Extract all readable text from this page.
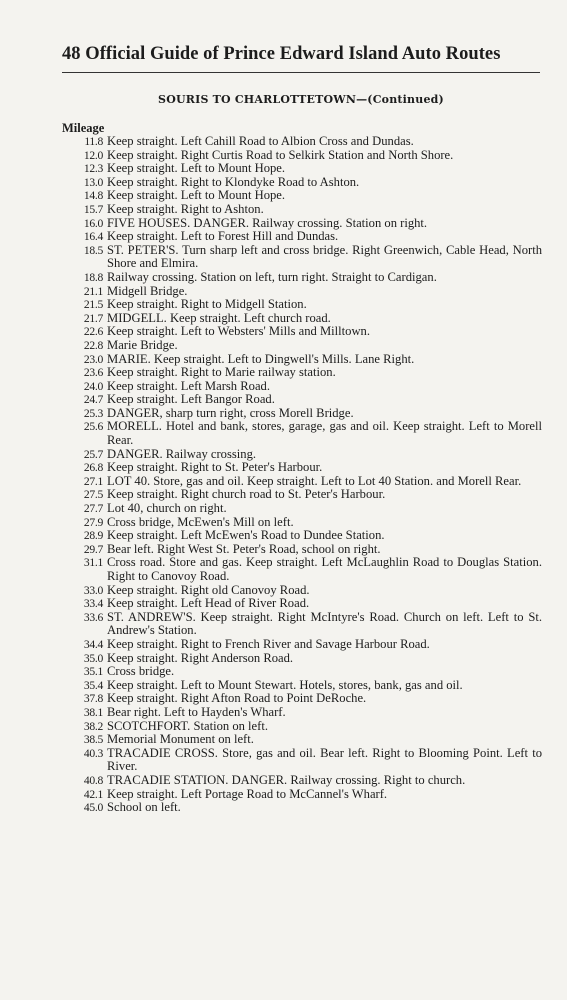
48 Official Guide of Prince Edward Island Auto Routes
SOURIS TO CHARLOTTETOWN—(Continued)
Mileage
11.8 Keep straight. Left Cahill Road to Albion Cross and Dundas.
12.0 Keep straight. Right Curtis Road to Selkirk Station and North Shore.
12.3 Keep straight. Left to Mount Hope.
13.0 Keep straight. Right to Klondyke Road to Ashton.
14.8 Keep straight. Left to Mount Hope.
15.7 Keep straight. Right to Ashton.
16.0 FIVE HOUSES. DANGER. Railway crossing. Station on right.
16.4 Keep straight. Left to Forest Hill and Dundas.
18.5 ST. PETER'S. Turn sharp left and cross bridge. Right Greenwich, Cable Head, North Shore and Elmira.
18.8 Railway crossing. Station on left, turn right. Straight to Cardigan.
21.1 Midgell Bridge.
21.5 Keep straight. Right to Midgell Station.
21.7 MIDGELL. Keep straight. Left church road.
22.6 Keep straight. Left to Websters' Mills and Milltown.
22.8 Marie Bridge.
23.0 MARIE. Keep straight. Left to Dingwell's Mills. Lane Right.
23.6 Keep straight. Right to Marie railway station.
24.0 Keep straight. Left Marsh Road.
24.7 Keep straight. Left Bangor Road.
25.3 DANGER, sharp turn right, cross Morell Bridge.
25.6 MORELL. Hotel and bank, stores, garage, gas and oil. Keep straight. Left to Morell Rear.
25.7 DANGER. Railway crossing.
26.8 Keep straight. Right to St. Peter's Harbour.
27.1 LOT 40. Store, gas and oil. Keep straight. Left to Lot 40 Station. and Morell Rear.
27.5 Keep straight. Right church road to St. Peter's Harbour.
27.7 Lot 40, church on right.
27.9 Cross bridge, McEwen's Mill on left.
28.9 Keep straight. Left McEwen's Road to Dundee Station.
29.7 Bear left. Right West St. Peter's Road, school on right.
31.1 Cross road. Store and gas. Keep straight. Left McLaughlin Road to Douglas Station. Right to Canovoy Road.
33.0 Keep straight. Right old Canovoy Road.
33.4 Keep straight. Left Head of River Road.
33.6 ST. ANDREW'S. Keep straight. Right McIntyre's Road. Church on left. Left to St. Andrew's Station.
34.4 Keep straight. Right to French River and Savage Harbour Road.
35.0 Keep straight. Right Anderson Road.
35.1 Cross bridge.
35.4 Keep straight. Left to Mount Stewart. Hotels, stores, bank, gas and oil.
37.8 Keep straight. Right Afton Road to Point DeRoche.
38.1 Bear right. Left to Hayden's Wharf.
38.2 SCOTCHFORT. Station on left.
38.5 Memorial Monument on left.
40.3 TRACADIE CROSS. Store, gas and oil. Bear left. Right to Blooming Point. Left to River.
40.8 TRACADIE STATION. DANGER. Railway crossing. Right to church.
42.1 Keep straight. Left Portage Road to McCannel's Wharf.
45.0 School on left.
